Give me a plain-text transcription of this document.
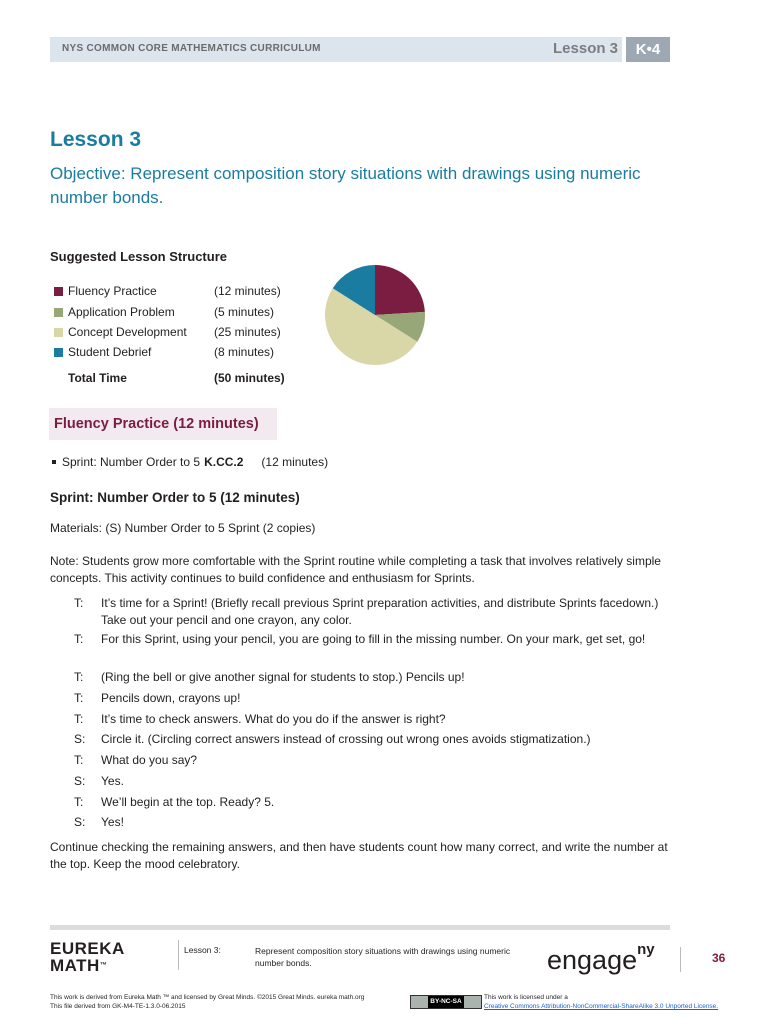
NYS COMMON CORE MATHEMATICS CURRICULUM	Lesson 3	K•4
Lesson 3
Objective: Represent composition story situations with drawings using numeric number bonds.
Suggested Lesson Structure
Fluency Practice	(12 minutes)
Application Problem	(5 minutes)
Concept Development (25 minutes)
Student Debrief	(8 minutes)
Total Time	(50 minutes)
Fluency Practice (12 minutes)
Sprint: Number Order to 5 K.CC.2 (12 minutes)
Sprint: Number Order to 5 (12 minutes)
Materials: (S) Number Order to 5 Sprint (2 copies)
Note: Students grow more comfortable with the Sprint routine while completing a task that involves relatively simple concepts. This activity continues to build confidence and enthusiasm for Sprints.
T: It’s time for a Sprint! (Briefly recall previous Sprint preparation activities, and distribute Sprints facedown.) Take out your pencil and one crayon, any color.
T: For this Sprint, using your pencil, you are going to fill in the missing number. On your mark, get set, go!
T: (Ring the bell or give another signal for students to stop.) Pencils up!
T: Pencils down, crayons up!
T: It’s time to check answers. What do you do if the answer is right?
S: Circle it. (Circling correct answers instead of crossing out wrong ones avoids stigmatization.)
T: What do you say?
S: Yes.
T: We’ll begin at the top. Ready? 5.
S: Yes!
Continue checking the remaining answers, and then have students count how many correct, and write the number at the top. Keep the mood celebratory.
EUREKA
MATH™
Lesson 3:	Represent composition story situations with drawings using numeric number bonds.	engage$^{ny}$	36
This work is derived from Eureka Math ™ and licensed by Great Minds. ©2015 Great Minds. eureka math.org
This file derived from GK-M4-TE-1.3.0-06.2015
BY-NC-SA
This work is licensed under a
Creative Commons Attribution-NonCommercial-ShareAlike 3.0 Unported License.
